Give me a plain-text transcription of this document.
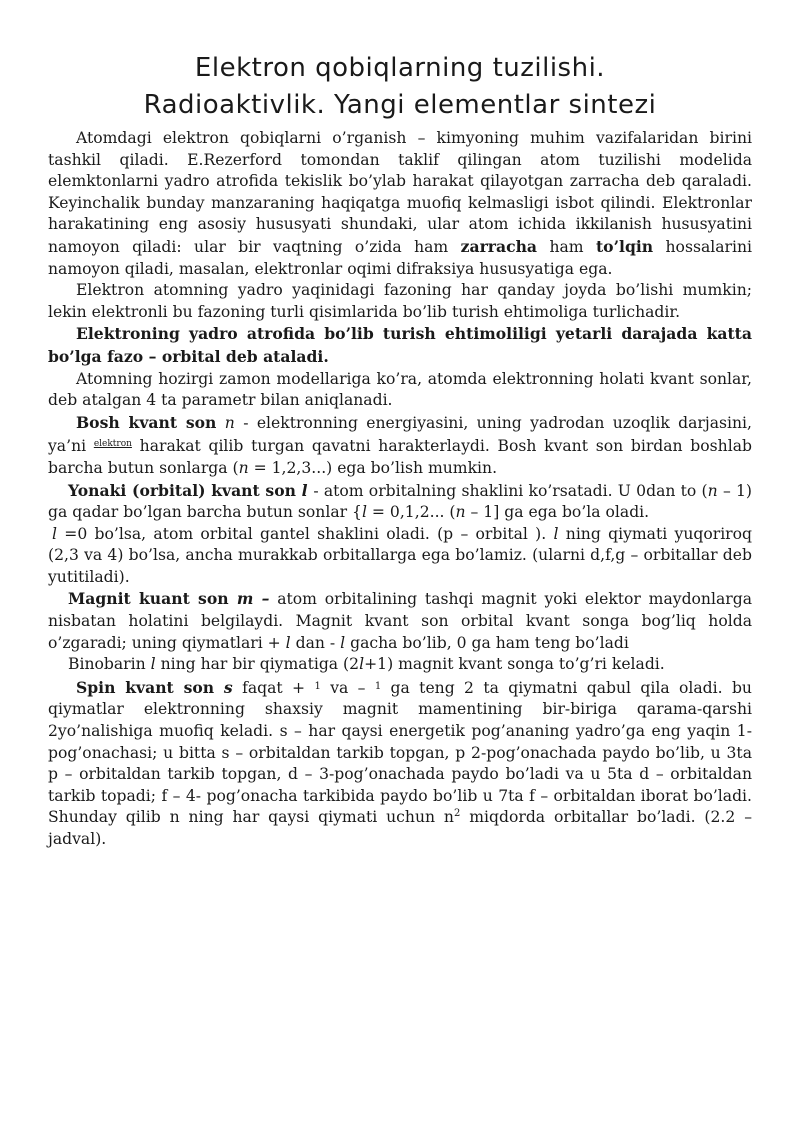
Elektron qobiqlarning tuzilishi.
Radioaktivlik. Yangi elementlar sintezi

Atomdagi elektron qobiqlarni o’rganish – kimyoning muhim vazifalaridan birini tashkil qiladi. E.Rezerford tomondan taklif qilingan atom tuzilishi modelida elemktonlarni yadro atrofida tekislik bo’ylab harakat qilayotgan zarracha deb qaraladi. Keyinchalik bunday manzaraning haqiqatga muofiq kelmasligi isbot qilindi. Elektronlar harakatining eng asosiy hususyati shundaki, ular atom ichida ikkilanish hususyatini namoyon qiladi: ular bir vaqtning o’zida ham zarracha ham to’lqin hossalarini namoyon qiladi, masalan, elektronlar oqimi difraksiya hususyatiga ega.

Elektron atomning yadro yaqinidagi fazoning har qanday joyda bo’lishi mumkin; lekin elektronli bu fazoning turli qisimlarida bo’lib turish ehtimoligа turlichadir.

Elektroning yadro atrofida bo’lib turish ehtimoliligi yetarli darajada katta bo’lga fazo – orbital deb ataladi.

Atomning hozirgi zamon modellariga ko’ra, atomda elektronning holati kvant sonlar, deb atalgan 4 ta parametr bilan aniqlanadi.

Bosh kvant son n - elektronning energiyasini, uning yadrodan uzoqlik darjasini, ya’ni $^{elektron}$ harakat qilib turgan qavatni harakterlaydi. Bosh kvant son birdan boshlab barcha butun sonlarga (n = 1,2,3...) ega bo’lish mumkin.

Yonaki (orbital) kvant son l - atom orbitalning shaklini ko’rsatadi. U 0dan to (n – 1) ga qadar bo’lgan barcha butun sonlar {l = 0,1,2... (n – 1] ga ega bo’la oladi.

l =0 bo’lsa, atom orbital gantel shaklini oladi. (p – orbital ). l ning qiymati yuqoriroq (2,3 va 4) bo’lsa, ancha murakkab orbitallarga ega bo’lamiz. (ularni d,f,g – orbitallar deb yutitiladi).

Magnit kuant son m – atom orbitalining tashqi magnit yoki elektor maydonlarga nisbatan holatini belgilaydi. Magnit kvant son orbital kvant songa bog’liq holda o’zgaradi; uning qiymatlari + l dan - l gacha bo’lib, 0 ga ham teng bo’ladi

Binobarin l ning har bir qiymatiga (2l+1) magnit kvant songa to’g’ri keladi.

Spin kvant son s faqat + $^1$ va – $^1$ ga teng 2 ta qiymatni qabul qila oladi. bu qiymatlar elektronning shaxsiy magnit mamentining bir-biriga qarama-qarshi 2yo’nalishiga muofiq keladi. s – har qaysi energetik pog’ananing yadro’ga eng yaqin 1-pog’onachasi; u bitta s – orbitaldan tarkib topgan, p 2-pog’onachada paydo bo’lib, u 3ta p – orbitaldan tarkib topgan, d – 3-pog’onachada paydo bo’ladi va u 5ta d – orbitaldan tarkib topadi; f – 4- pog’onacha tarkibida paydo bo’lib u 7ta f – orbitaldan iborat bo’ladi. Shunday qilib n ning har qaysi qiymati uchun $n^2$ miqdorda orbitallar bo’ladi. (2.2 – jadval).
